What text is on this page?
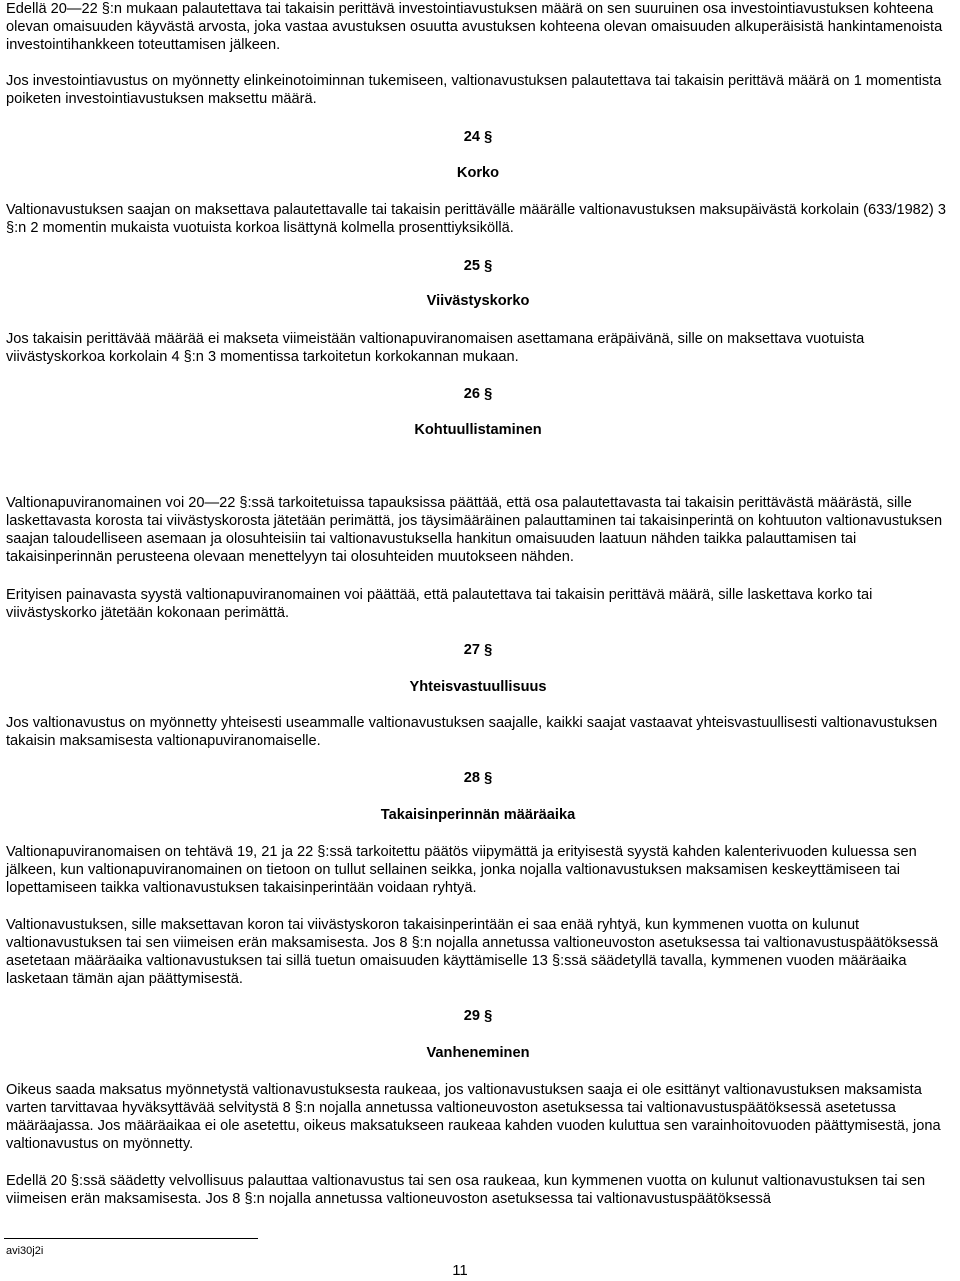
Edellä 20—22 §:n mukaan palautettava tai takaisin perittävä investointiavustuksen määrä on sen suuruinen osa investointiavustuksen kohteena olevan omaisuuden käyvästä arvosta, joka vastaa avustuksen osuutta avustuksen kohteena olevan omaisuuden alkuperäisistä hankintamenoista investointihankkeen toteuttamisen jälkeen.

Jos investointiavustus on myönnetty elinkeinotoiminnan tukemiseen, valtionavustuksen palautettava tai takaisin perittävä määrä on 1 momentista poiketen investointiavustuksen maksettu määrä.

24 §
Korko

Valtionavustuksen saajan on maksettava palautettavalle tai takaisin perittävälle määrälle valtionavustuksen maksupäivästä korkolain (633/1982) 3 §:n 2 momentin mukaista vuotuista korkoa lisättynä kolmella prosenttiyksiköllä.

25 §
Viivästyskorko

Jos takaisin perittävää määrää ei makseta viimeistään valtionapuviranomaisen asettamana eräpäivänä, sille on maksettava vuotuista viivästyskorkoa korkolain 4 §:n 3 momentissa tarkoitetun korkokannan mukaan.

26 §
Kohtuullistaminen

Valtionapuviranomainen voi 20—22 §:ssä tarkoitetuissa tapauksissa päättää, että osa palautettavasta tai takaisin perittävästä määrästä, sille laskettavasta korosta tai viivästyskorosta jätetään perimättä, jos täysimääräinen palauttaminen tai takaisinperintä on kohtuuton valtionavustuksen saajan taloudelliseen asemaan ja olosuhteisiin tai valtionavustuksella hankitun omaisuuden laatuun nähden taikka palauttamisen tai takaisinperinnän perusteena olevaan menettelyyn tai olosuhteiden muutokseen nähden.

Erityisen painavasta syystä valtionapuviranomainen voi päättää, että palautettava tai takaisin perittävä määrä, sille laskettava korko tai viivästyskorko jätetään kokonaan perimättä.

27 §
Yhteisvastuullisuus

Jos valtionavustus on myönnetty yhteisesti useammalle valtionavustuksen saajalle, kaikki saajat vastaavat yhteisvastuullisesti valtionavustuksen takaisin maksamisesta valtionapuviranomaiselle.

28 §
Takaisinperinnän määräaika

Valtionapuviranomaisen on tehtävä 19, 21 ja 22 §:ssä tarkoitettu päätös viipymättä ja erityisestä syystä kahden kalenterivuoden kuluessa sen jälkeen, kun valtionapuviranomainen on tietoon on tullut sellainen seikka, jonka nojalla valtionavustuksen maksamisen keskeyttämiseen tai lopettamiseen taikka valtionavustuksen takaisinperintään voidaan ryhtyä.

Valtionavustuksen, sille maksettavan koron tai viivästyskoron takaisinperintään ei saa enää ryhtyä, kun kymmenen vuotta on kulunut valtionavustuksen tai sen viimeisen erän maksamisesta. Jos 8 §:n nojalla annetussa valtioneuvoston asetuksessa tai valtionavustuspäätöksessä asetetaan määräaika valtionavustuksen tai sillä tuetun omaisuuden käyttämiselle 13 §:ssä säädetyllä tavalla, kymmenen vuoden määräaika lasketaan tämän ajan päättymisestä.

29 §
Vanheneminen

Oikeus saada maksatus myönnetystä valtionavustuksesta raukeaa, jos valtionavustuksen saaja ei ole esittänyt valtionavustuksen maksamista varten tarvittavaa hyväksyttävää selvitystä 8 §:n nojalla annetussa valtioneuvoston asetuksessa tai valtionavustuspäätöksessä asetetussa määräajassa. Jos määräaikaa ei ole asetettu, oikeus maksatukseen raukeaa kahden vuoden kuluttua sen varainhoitovuoden päättymisestä, jona valtionavustus on myönnetty.

Edellä 20 §:ssä säädetty velvollisuus palauttaa valtionavustus tai sen osa raukeaa, kun kymmenen vuotta on kulunut valtionavustuksen tai sen viimeisen erän maksamisesta. Jos 8 §:n nojalla annetussa valtioneuvoston asetuksessa tai valtionavustuspäätöksessä

avi30j2i
11
